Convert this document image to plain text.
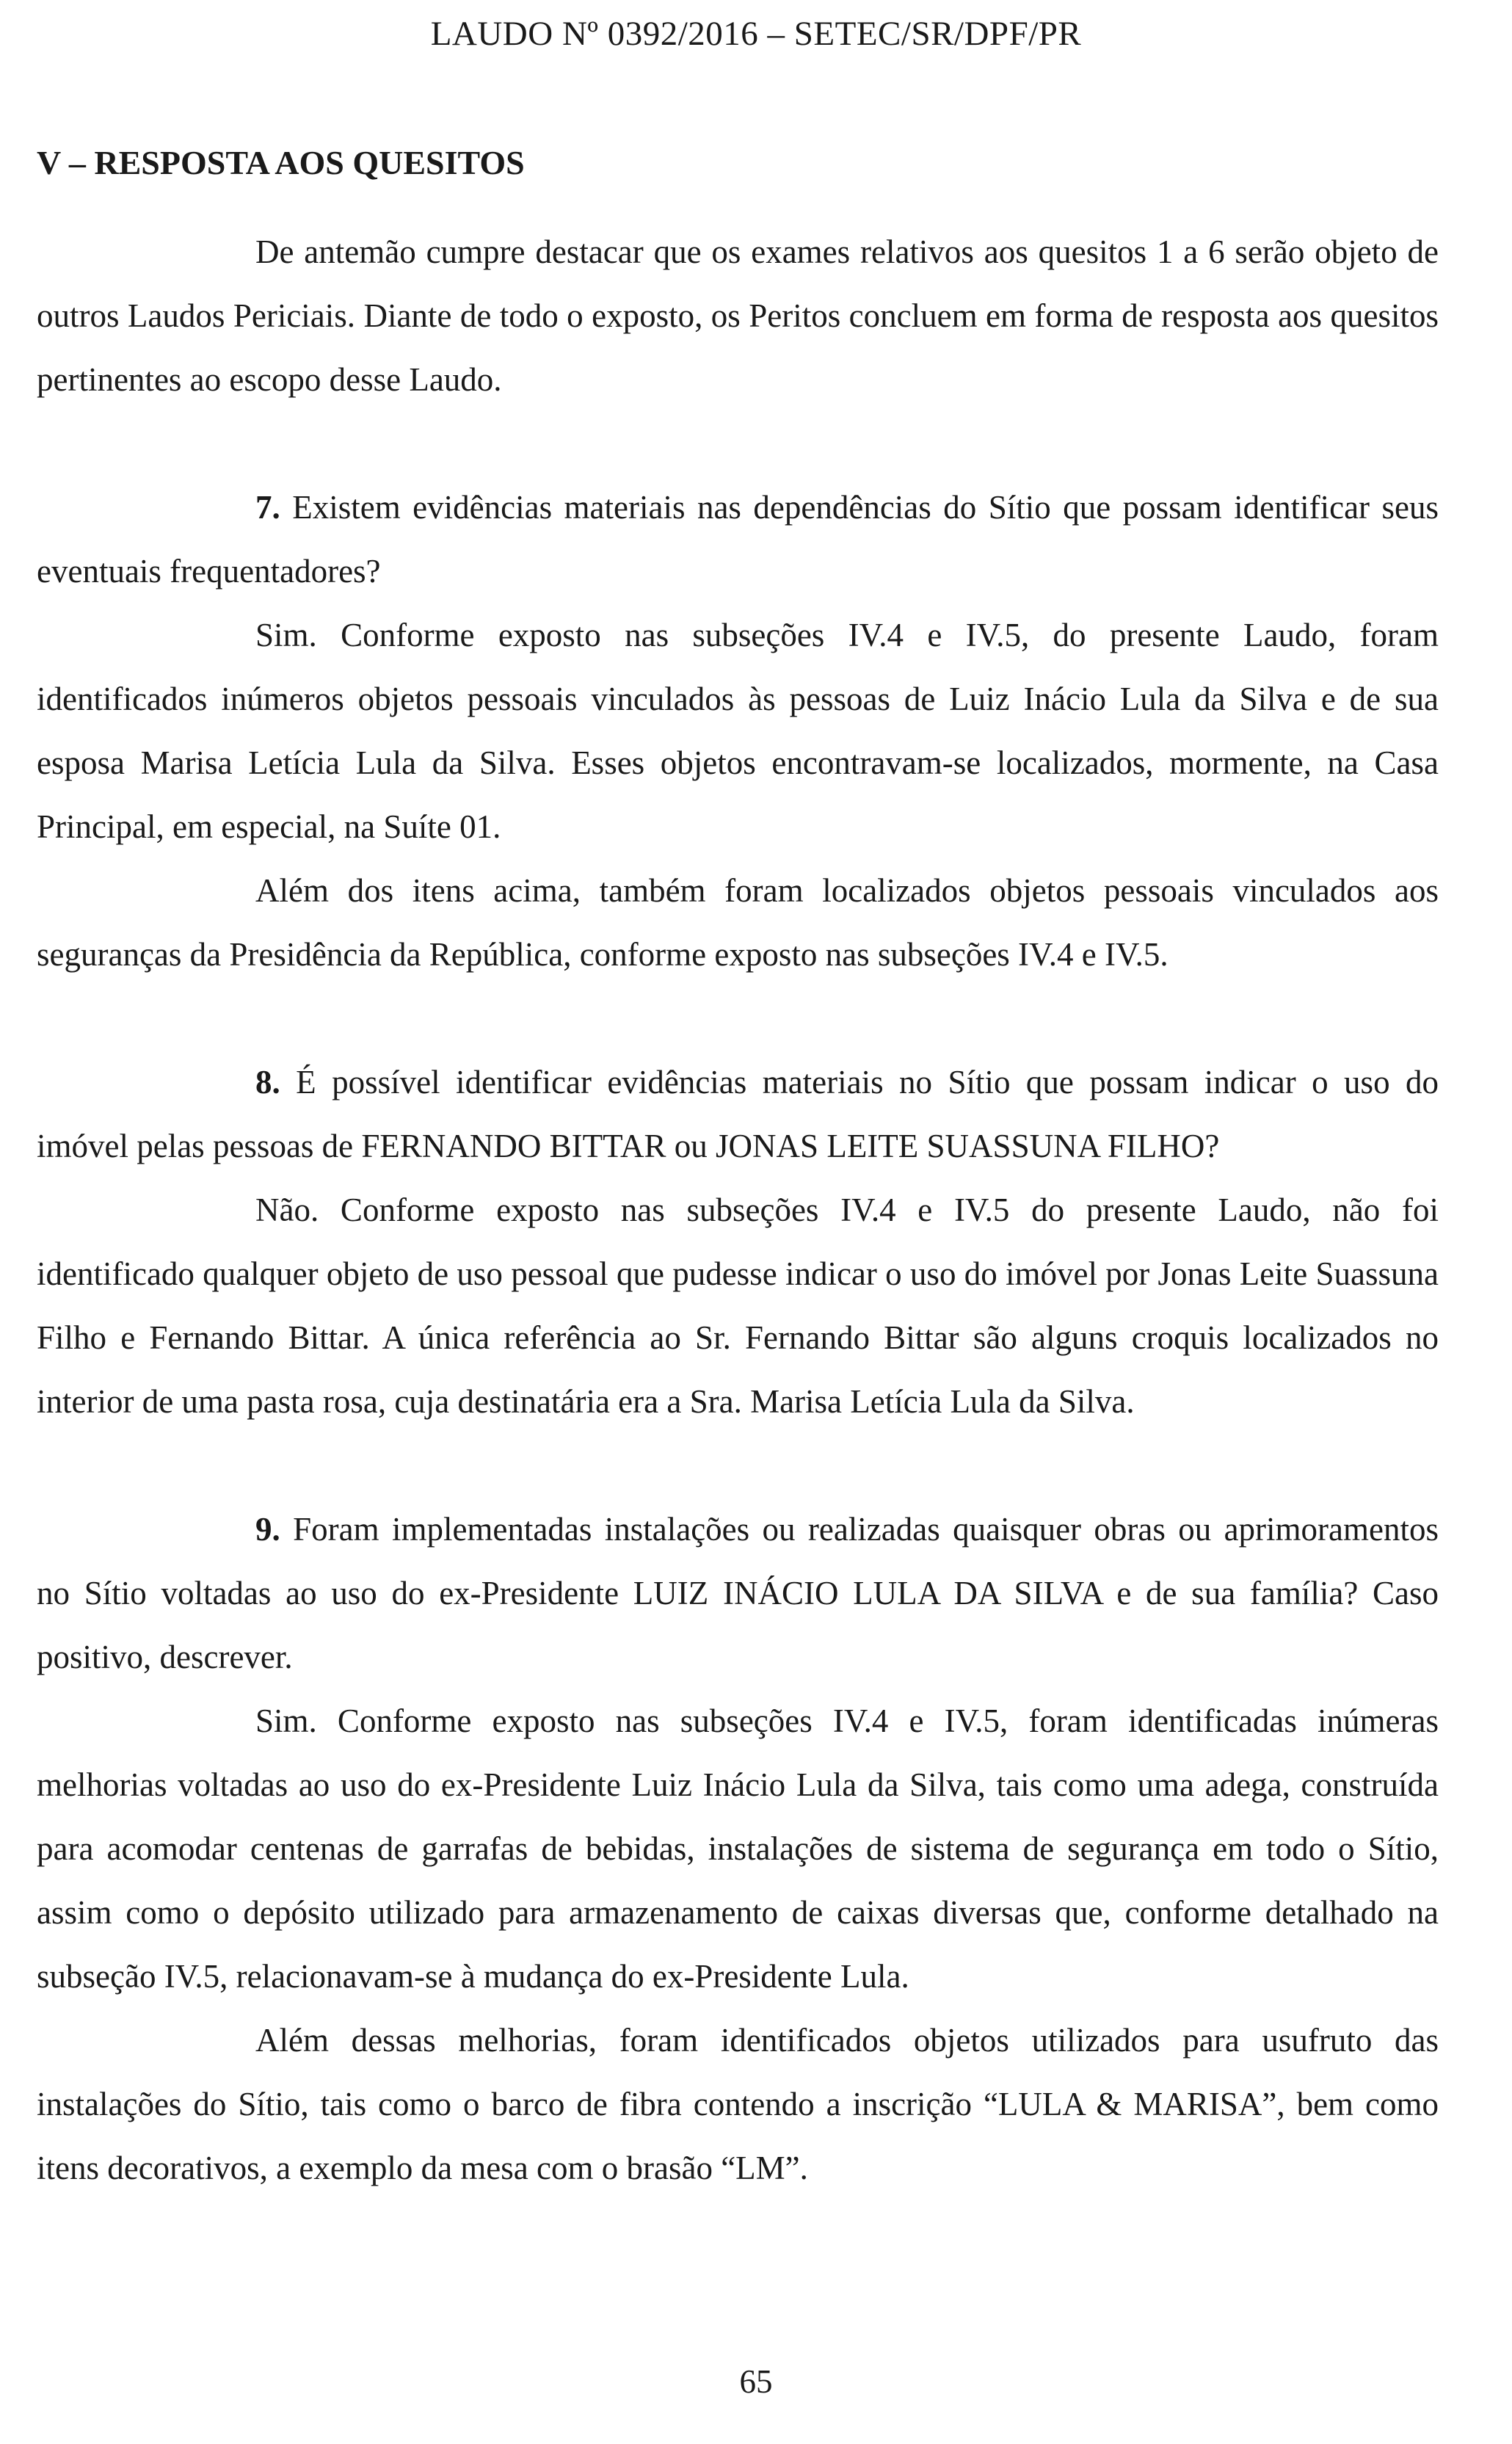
LAUDO Nº 0392/2016 – SETEC/SR/DPF/PR
V – RESPOSTA AOS QUESITOS

De antemão cumpre destacar que os exames relativos aos quesitos 1 a 6 serão objeto de outros Laudos Periciais. Diante de todo o exposto, os Peritos concluem em forma de resposta aos quesitos pertinentes ao escopo desse Laudo.

7. Existem evidências materiais nas dependências do Sítio que possam identificar seus eventuais frequentadores?

Sim. Conforme exposto nas subseções IV.4 e IV.5, do presente Laudo, foram identificados inúmeros objetos pessoais vinculados às pessoas de Luiz Inácio Lula da Silva e de sua esposa Marisa Letícia Lula da Silva. Esses objetos encontravam-se localizados, mormente, na Casa Principal, em especial, na Suíte 01.

Além dos itens acima, também foram localizados objetos pessoais vinculados aos seguranças da Presidência da República, conforme exposto nas subseções IV.4 e IV.5.

8. É possível identificar evidências materiais no Sítio que possam indicar o uso do imóvel pelas pessoas de FERNANDO BITTAR ou JONAS LEITE SUASSUNA FILHO?

Não. Conforme exposto nas subseções IV.4 e IV.5 do presente Laudo, não foi identificado qualquer objeto de uso pessoal que pudesse indicar o uso do imóvel por Jonas Leite Suassuna Filho e Fernando Bittar. A única referência ao Sr. Fernando Bittar são alguns croquis localizados no interior de uma pasta rosa, cuja destinatária era a Sra. Marisa Letícia Lula da Silva.

9. Foram implementadas instalações ou realizadas quaisquer obras ou aprimoramentos no Sítio voltadas ao uso do ex-Presidente LUIZ INÁCIO LULA DA SILVA e de sua família? Caso positivo, descrever.

Sim. Conforme exposto nas subseções IV.4 e IV.5, foram identificadas inúmeras melhorias voltadas ao uso do ex-Presidente Luiz Inácio Lula da Silva, tais como uma adega, construída para acomodar centenas de garrafas de bebidas, instalações de sistema de segurança em todo o Sítio, assim como o depósito utilizado para armazenamento de caixas diversas que, conforme detalhado na subseção IV.5, relacionavam-se à mudança do ex-Presidente Lula.

Além dessas melhorias, foram identificados objetos utilizados para usufruto das instalações do Sítio, tais como o barco de fibra contendo a inscrição “LULA & MARISA”, bem como itens decorativos, a exemplo da mesa com o brasão “LM”.

65
